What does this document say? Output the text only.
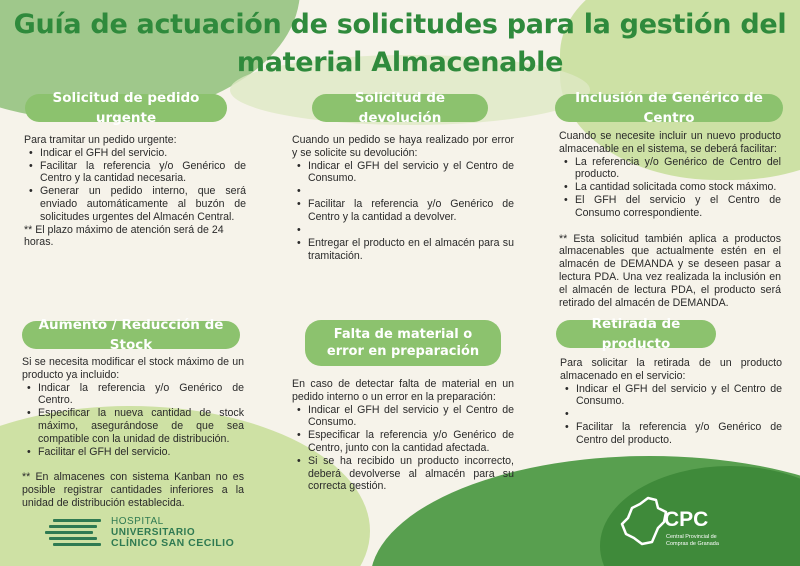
Guía de actuación de solicitudes para la gestión del material Almacenable
Solicitud de pedido urgente

Para tramitar un pedido urgente:

• Indicar el GFH del servicio.
• Facilitar la referencia y/o Genérico de Centro y la cantidad necesaria.
• Generar un pedido interno, que será enviado automáticamente al buzón de solicitudes urgentes del Almacén Central.

** El plazo máximo de atención será de 24 horas.

Solicitud de devolución

Cuando un pedido se haya realizado por error y se solicite su devolución:

• Indicar el GFH del servicio y el Centro de Consumo.
•
• Facilitar la referencia y/o Genérico de Centro y la cantidad a devolver.
•
• Entregar el producto en el almacén para su tramitación.
Inclusión de Genérico de Centro

Cuando se necesite incluir un nuevo producto almacenable en el sistema, se deberá facilitar:

• La referencia y/o Genérico de Centro del producto.
• La cantidad solicitada como stock máximo.
• El GFH del servicio y el Centro de Consumo correspondiente.

** Esta solicitud también aplica a productos almacenables que actualmente estén en el almacén de DEMANDA y se deseen pasar a lectura PDA. Una vez realizada la inclusión en el almacén de lectura PDA, el producto será retirado del almacén de DEMANDA.

Aumento / Reducción de Stock

Si se necesita modificar el stock máximo de un producto ya incluido:

• Indicar la referencia y/o Genérico de Centro.
• Especificar la nueva cantidad de stock máximo, asegurándose de que sea compatible con la unidad de distribución.
• Facilitar el GFH del servicio.

** En almacenes con sistema Kanban no es posible registrar cantidades inferiores a la unidad de distribución establecida.

Falta de material o error en preparación

En caso de detectar falta de material en un pedido interno o un error en la preparación:

• Indicar el GFH del servicio y el Centro de Consumo.
• Especificar la referencia y/o Genérico de Centro, junto con la cantidad afectada.
• Si se ha recibido un producto incorrecto, deberá devolverse al almacén para su correcta gestión.
Retirada de producto

Para solicitar la retirada de un producto almacenado en el servicio:

• Indicar el GFH del servicio y el Centro de Consumo.
•
• Facilitar la referencia y/o Genérico de Centro del producto.
HOSPITAL
UNIVERSITARIO
CLÍNICO SAN CECILIO
CPC
Central Provincial de Compras de Granada
